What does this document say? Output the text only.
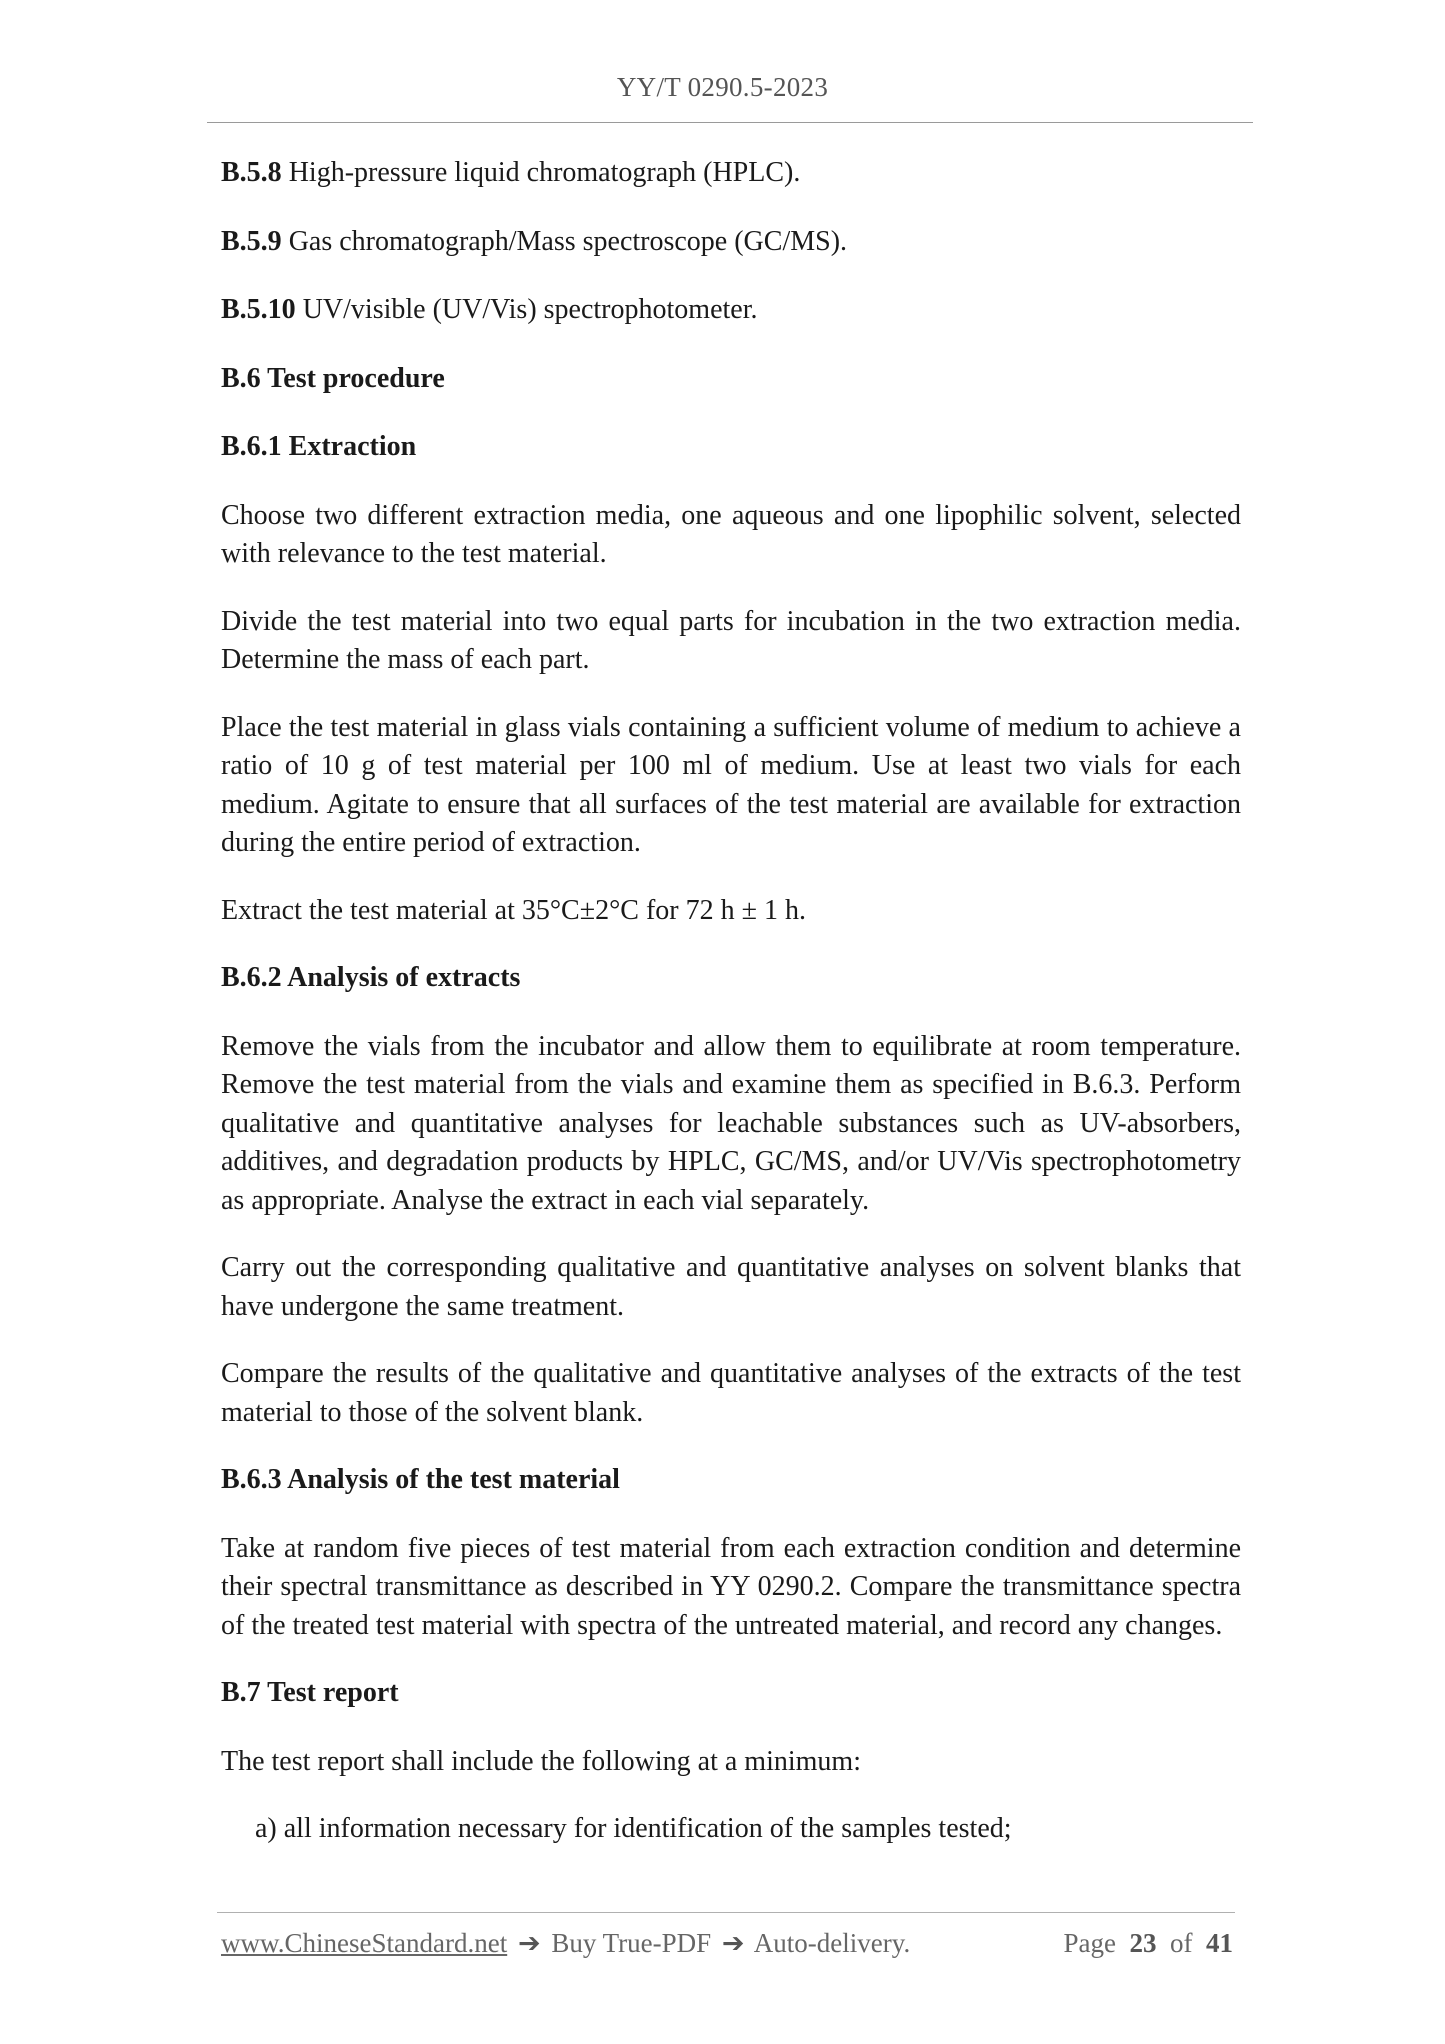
YY/T 0290.5-2023

B.5.8 High-pressure liquid chromatograph (HPLC).

B.5.9 Gas chromatograph/Mass spectroscope (GC/MS).

B.5.10 UV/visible (UV/Vis) spectrophotometer.

B.6 Test procedure

B.6.1 Extraction

Choose two different extraction media, one aqueous and one lipophilic solvent, selected with relevance to the test material.

Divide the test material into two equal parts for incubation in the two extraction media. Determine the mass of each part.

Place the test material in glass vials containing a sufficient volume of medium to achieve a ratio of 10 g of test material per 100 ml of medium. Use at least two vials for each medium. Agitate to ensure that all surfaces of the test material are available for extraction during the entire period of extraction.

Extract the test material at 35°C±2°C for 72 h ± 1 h.

B.6.2 Analysis of extracts

Remove the vials from the incubator and allow them to equilibrate at room temperature. Remove the test material from the vials and examine them as specified in B.6.3. Perform qualitative and quantitative analyses for leachable substances such as UV-absorbers, additives, and degradation products by HPLC, GC/MS, and/or UV/Vis spectrophotometry as appropriate. Analyse the extract in each vial separately.

Carry out the corresponding qualitative and quantitative analyses on solvent blanks that have undergone the same treatment.

Compare the results of the qualitative and quantitative analyses of the extracts of the test material to those of the solvent blank.

B.6.3 Analysis of the test material

Take at random five pieces of test material from each extraction condition and determine their spectral transmittance as described in YY 0290.2. Compare the transmittance spectra of the treated test material with spectra of the untreated material, and record any changes.

B.7 Test report

The test report shall include the following at a minimum:

a) all information necessary for identification of the samples tested;

www.ChineseStandard.net ➔ Buy True-PDF ➔ Auto-delivery.	Page 23 of 41
